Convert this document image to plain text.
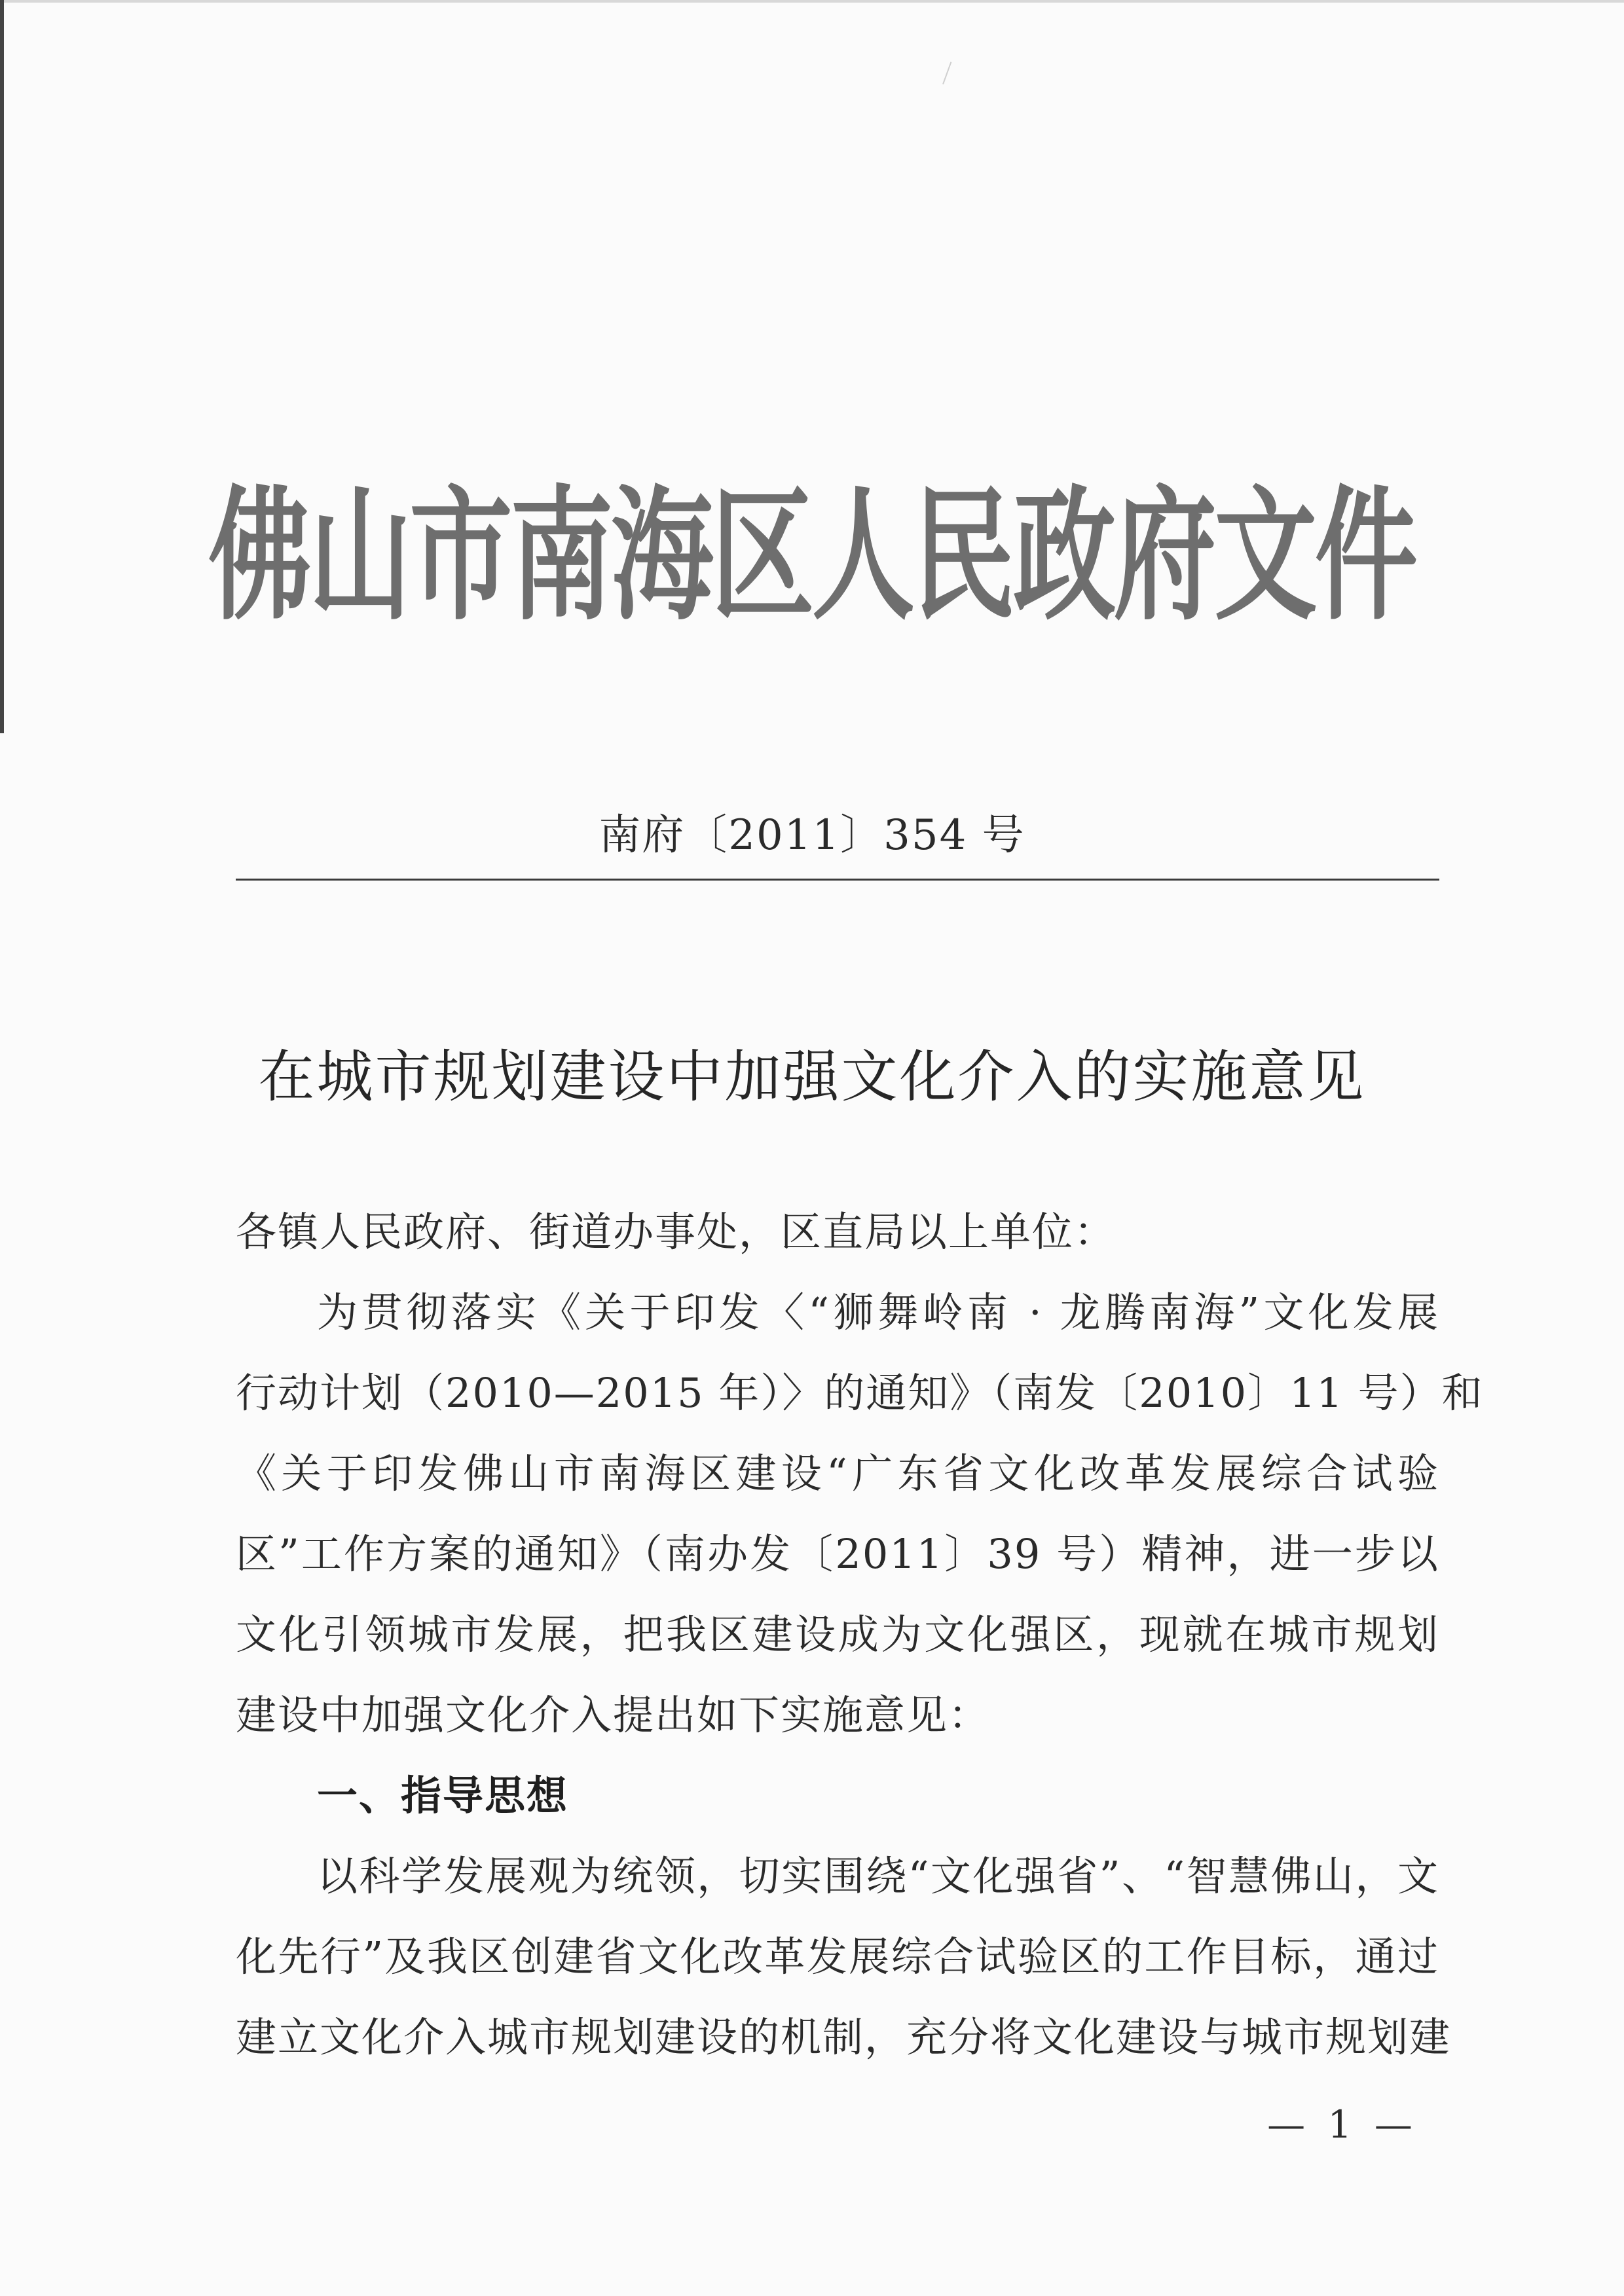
佛山市南海区人民政府文件
南府〔2011〕354 号
在城市规划建设中加强文化介入的实施意见

各镇人民政府、街道办事处，区直局以上单位：

为贯彻落实《关于印发〈“狮舞岭南 · 龙腾南海”文化发展

行动计划（2010—2015 年）〉的通知》（南发〔2010〕11 号）和

《关于印发佛山市南海区建设“广东省文化改革发展综合试验

区”工作方案的通知》（南办发〔2011〕39 号）精神，进一步以

文化引领城市发展，把我区建设成为文化强区，现就在城市规划

建设中加强文化介入提出如下实施意见：

一、指导思想

以科学发展观为统领，切实围绕“文化强省”、“智慧佛山，文

化先行”及我区创建省文化改革发展综合试验区的工作目标，通过

建立文化介入城市规划建设的机制，充分将文化建设与城市规划建

— 1 —
